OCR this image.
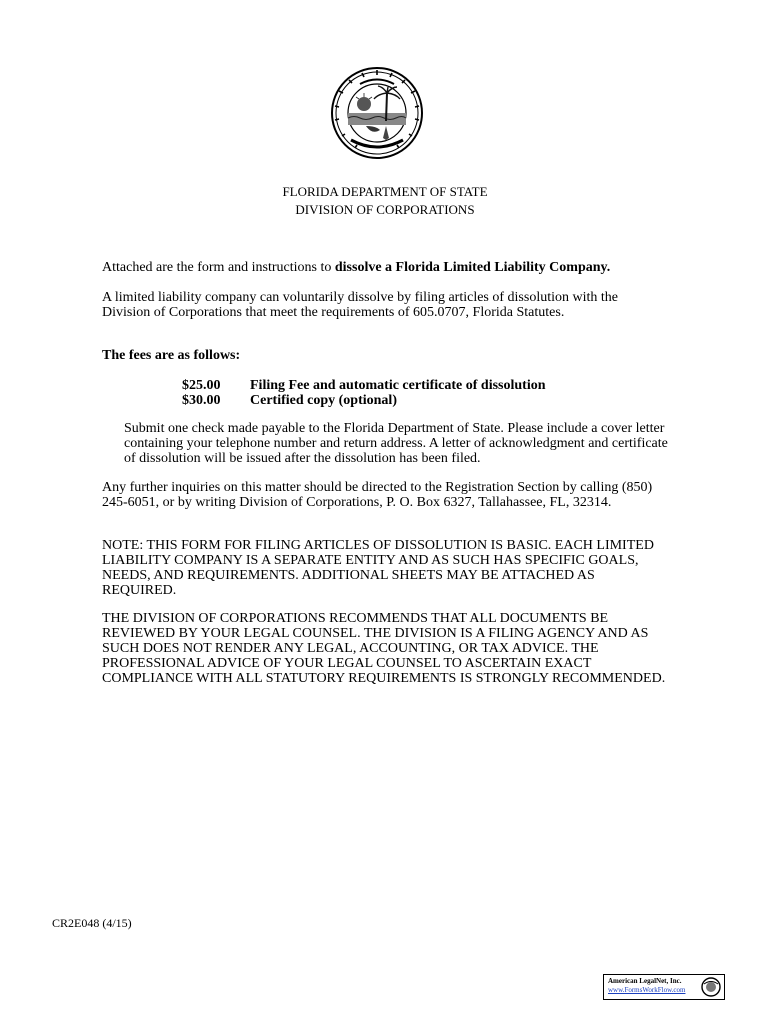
FLORIDA DEPARTMENT OF STATE
DIVISION OF CORPORATIONS
Attached are the form and instructions to dissolve a Florida Limited Liability Company.
A limited liability company can voluntarily dissolve by filing articles of dissolution with the Division of Corporations that meet the requirements of 605.0707, Florida Statutes.
The fees are as follows:
$25.00 Filing Fee and automatic certificate of dissolution
$30.00 Certified copy (optional)
Submit one check made payable to the Florida Department of State. Please include a cover letter containing your telephone number and return address. A letter of acknowledgment and certificate of dissolution will be issued after the dissolution has been filed.
Any further inquiries on this matter should be directed to the Registration Section by calling (850) 245-6051, or by writing Division of Corporations, P. O. Box 6327, Tallahassee, FL, 32314.
NOTE: THIS FORM FOR FILING ARTICLES OF DISSOLUTION IS BASIC. EACH LIMITED LIABILITY COMPANY IS A SEPARATE ENTITY AND AS SUCH HAS SPECIFIC GOALS, NEEDS, AND REQUIREMENTS. ADDITIONAL SHEETS MAY BE ATTACHED AS REQUIRED.
THE DIVISION OF CORPORATIONS RECOMMENDS THAT ALL DOCUMENTS BE REVIEWED BY YOUR LEGAL COUNSEL. THE DIVISION IS A FILING AGENCY AND AS SUCH DOES NOT RENDER ANY LEGAL, ACCOUNTING, OR TAX ADVICE. THE PROFESSIONAL ADVICE OF YOUR LEGAL COUNSEL TO ASCERTAIN EXACT COMPLIANCE WITH ALL STATUTORY REQUIREMENTS IS STRONGLY RECOMMENDED.
CR2E048 (4/15)
American LegalNet, Inc.
www.FormsWorkFlow.com
